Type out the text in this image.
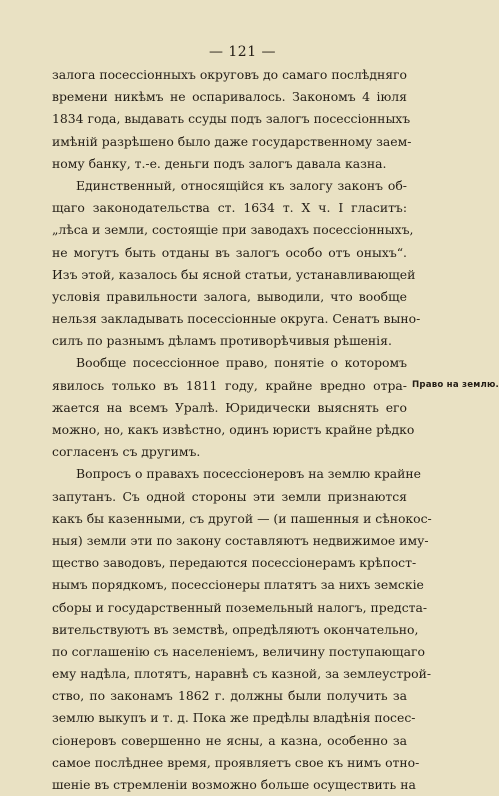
— 121 —
залога посессіонныхъ округовъ до самаго послѣдняго
времени никѣмъ не оспаривалось. Закономъ 4 іюля
1834 года, выдавать ссуды подъ залогъ посессіонныхъ
имѣній разрѣшено было даже государственному заем-
ному банку, т.-е. деньги подъ залогъ давала казна.
Единственный, относящійся къ залогу законъ об-
щаго законодательства ст. 1634 т. X ч. I гласитъ:
„лѣса и земли, состоящіе при заводахъ посессіонныхъ,
не могутъ быть отданы въ залогъ особо отъ оныхъ“.
Изъ этой, казалось бы ясной статьи, устанавливающей
условія правильности залога, выводили, что вообще
нельзя закладывать посессіонные округа. Сенатъ выно-
силъ по разнымъ дѣламъ противорѣчивыя рѣшенія.
Вообще посессіонное право, понятіе о которомъ
явилось только въ 1811 году, крайне вредно отра-
жается на всемъ Уралѣ. Юридически выяснять его
можно, но, какъ извѣстно, одинъ юристъ крайне рѣдко
согласенъ съ другимъ.
Вопросъ о правахъ посессіонеровъ на землю крайне
запутанъ. Съ одной стороны эти земли признаются
какъ бы казенными, съ другой — (и пашенныя и сѣнокос-
ныя) земли эти по закону составляютъ недвижимое иму-
щество заводовъ, передаются посессіонерамъ крѣпост-
нымъ порядкомъ, посессіонеры платятъ за нихъ земскіе
сборы и государственный поземельный налогъ, предста-
вительствуютъ въ земствѣ, опредѣляютъ окончательно,
по соглашенію съ населеніемъ, величину поступающаго
ему надѣла, плотятъ, наравнѣ съ казной, за землеустрой-
ство, по законамъ 1862 г. должны были получить за
землю выкупъ и т. д. Пока же предѣлы владѣнія посес-
сіонеровъ совершенно не ясны, а казна, особенно за
самое послѣднее время, проявляетъ свое къ нимъ отно-
шеніе въ стремленіи возможно больше осуществить на
Право на землю.
